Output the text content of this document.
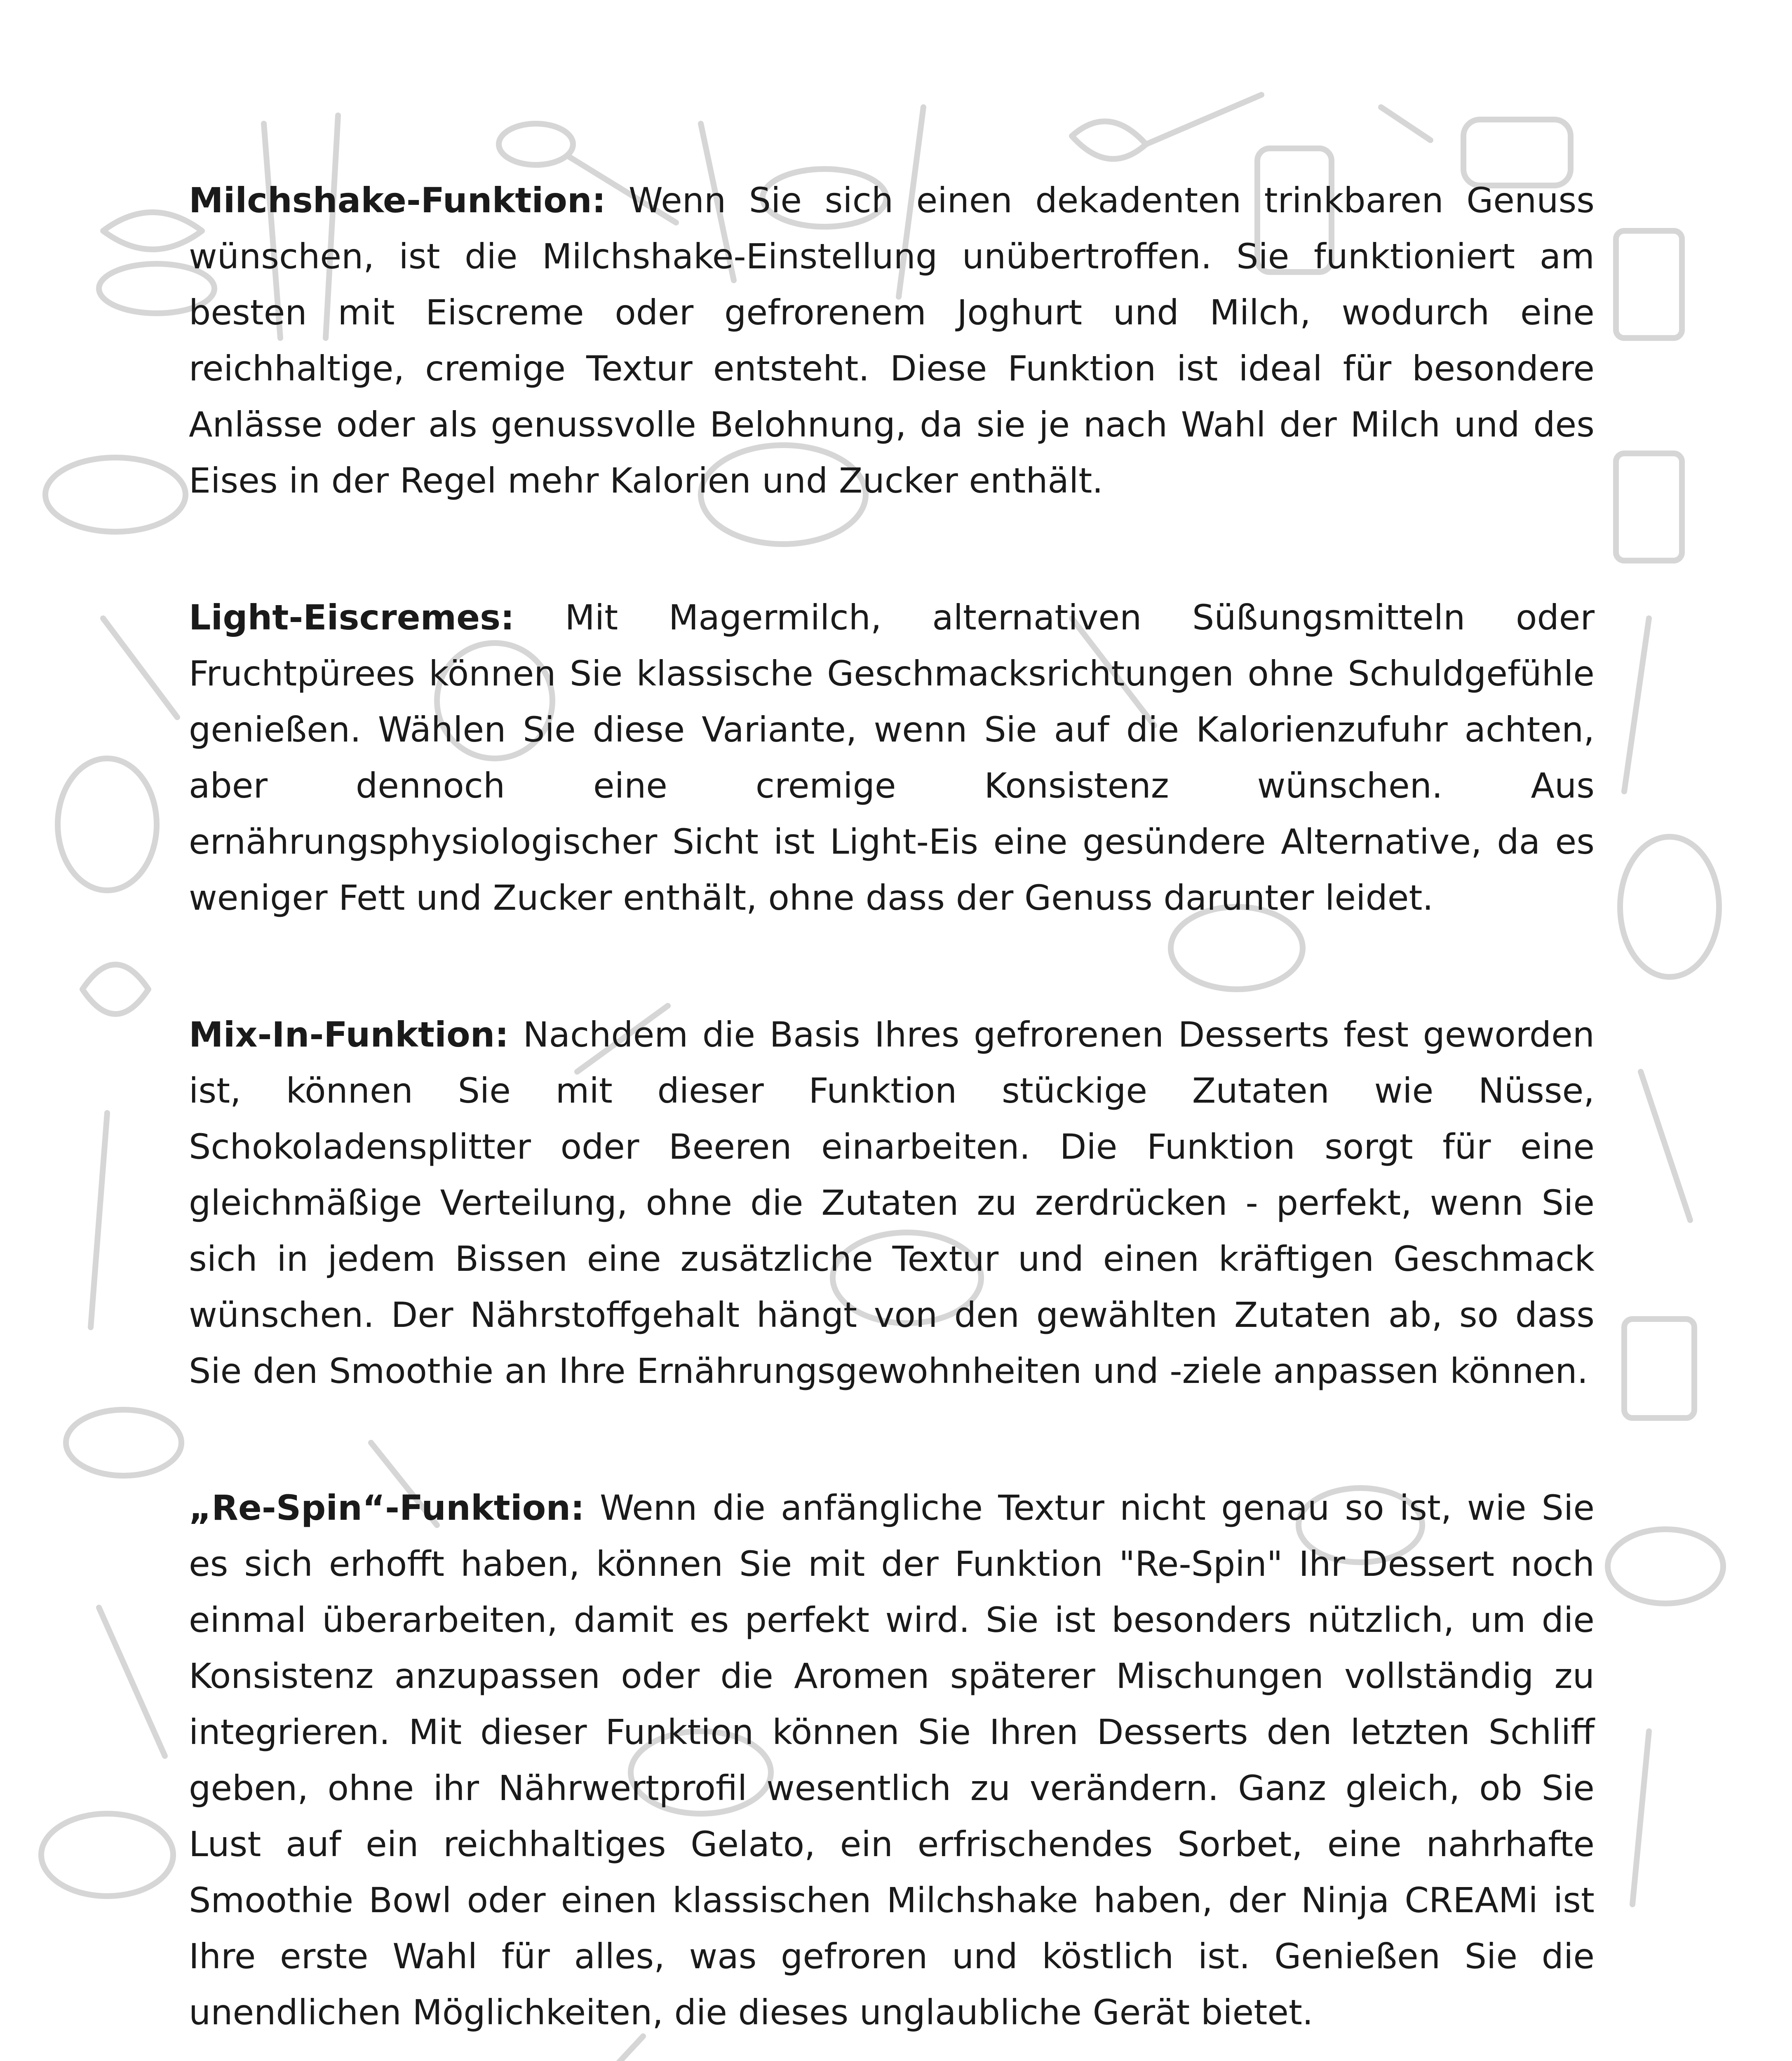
Milchshake-Funktion: Wenn Sie sich einen dekadenten trinkbaren Genuss wünschen, ist die Milchshake-Einstellung unübertroffen. Sie funktioniert am besten mit Eiscreme oder gefrorenem Joghurt und Milch, wodurch eine reichhaltige, cremige Textur entsteht. Diese Funktion ist ideal für besondere Anlässe oder als genussvolle Belohnung, da sie je nach Wahl der Milch und des Eises in der Regel mehr Kalorien und Zucker enthält.

Light-Eiscremes: Mit Magermilch, alternativen Süßungsmitteln oder Fruchtpürees können Sie klassische Geschmacksrichtungen ohne Schuldgefühle genießen. Wählen Sie diese Variante, wenn Sie auf die Kalorienzufuhr achten, aber dennoch eine cremige Konsistenz wünschen. Aus ernährungsphysiologischer Sicht ist Light-Eis eine gesündere Alternative, da es weniger Fett und Zucker enthält, ohne dass der Genuss darunter leidet.

Mix-In-Funktion: Nachdem die Basis Ihres gefrorenen Desserts fest geworden ist, können Sie mit dieser Funktion stückige Zutaten wie Nüsse, Schokoladensplitter oder Beeren einarbeiten. Die Funktion sorgt für eine gleichmäßige Verteilung, ohne die Zutaten zu zerdrücken - perfekt, wenn Sie sich in jedem Bissen eine zusätzliche Textur und einen kräftigen Geschmack wünschen. Der Nährstoffgehalt hängt von den gewählten Zutaten ab, so dass Sie den Smoothie an Ihre Ernährungsgewohnheiten und -ziele anpassen können.

„Re-Spin“-Funktion: Wenn die anfängliche Textur nicht genau so ist, wie Sie es sich erhofft haben, können Sie mit der Funktion "Re-Spin" Ihr Dessert noch einmal überarbeiten, damit es perfekt wird. Sie ist besonders nützlich, um die Konsistenz anzupassen oder die Aromen späterer Mischungen vollständig zu integrieren. Mit dieser Funktion können Sie Ihren Desserts den letzten Schliff geben, ohne ihr Nährwertprofil wesentlich zu verändern. Ganz gleich, ob Sie Lust auf ein reichhaltiges Gelato, ein erfrischendes Sorbet, eine nahrhafte Smoothie Bowl oder einen klassischen Milchshake haben, der Ninja CREAMi ist Ihre erste Wahl für alles, was gefroren und köstlich ist. Genießen Sie die unendlichen Möglichkeiten, die dieses unglaubliche Gerät bietet.
